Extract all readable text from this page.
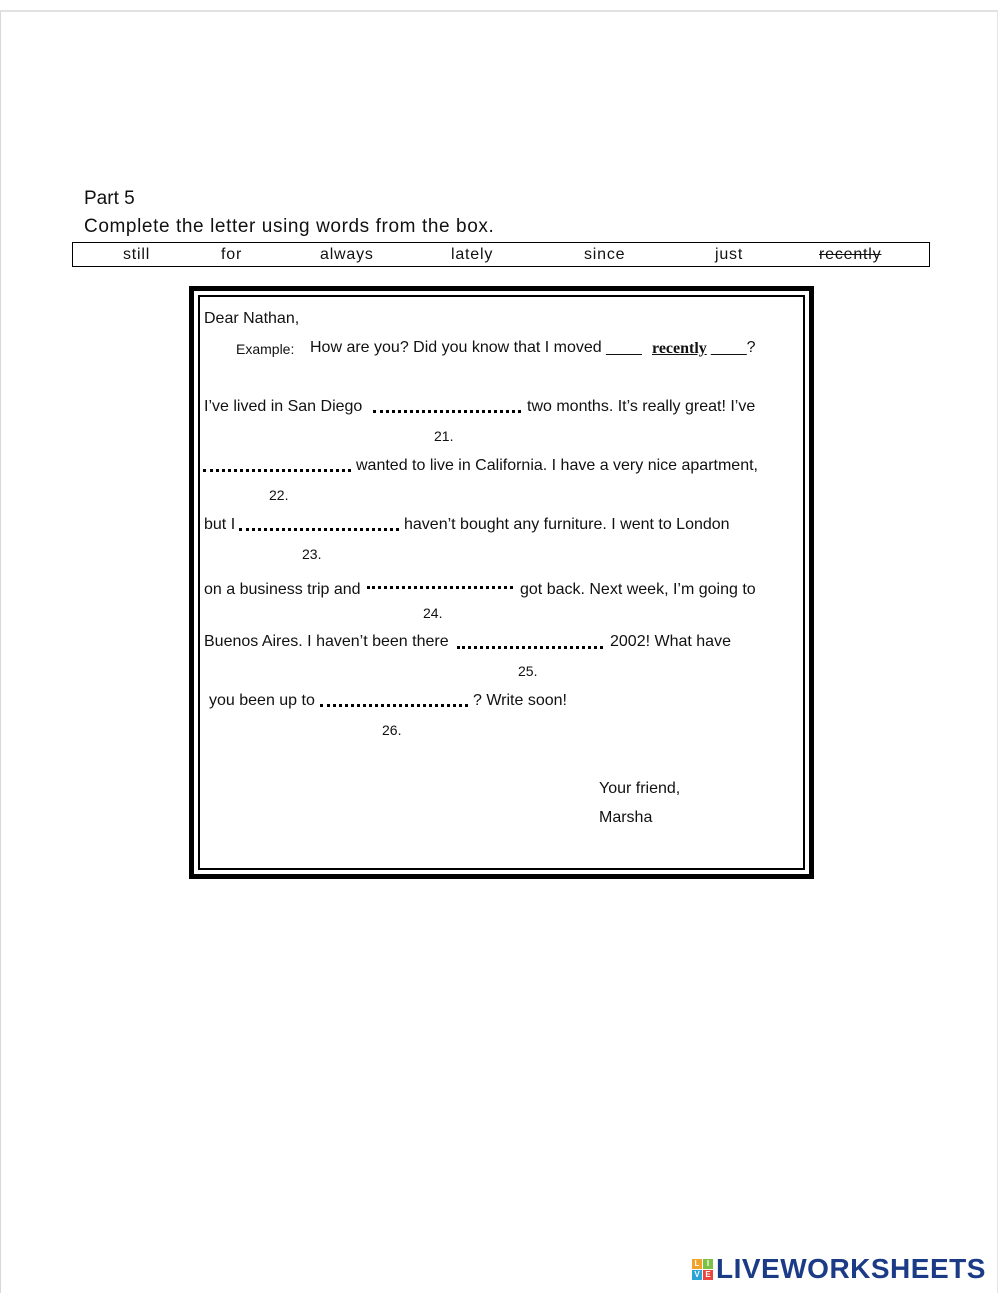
Part 5
Complete the letter using words from the box.
still	for	always	lately	since	just	recently
Dear Nathan,
Example: How are you? Did you know that I moved ____ recently ____?
I’ve lived in San Diego	two months. It’s really great! I’ve
21.
wanted to live in California. I have a very nice apartment,
22.
but I	haven’t bought any furniture. I went to London
23.
on a business trip and	got back. Next week, I’m going to
24.
Buenos Aires. I haven’t been there	2002! What have
25.
you been up to	? Write soon!
26.
Your friend,
Marsha
L I
V E LIVEWORKSHEETS
